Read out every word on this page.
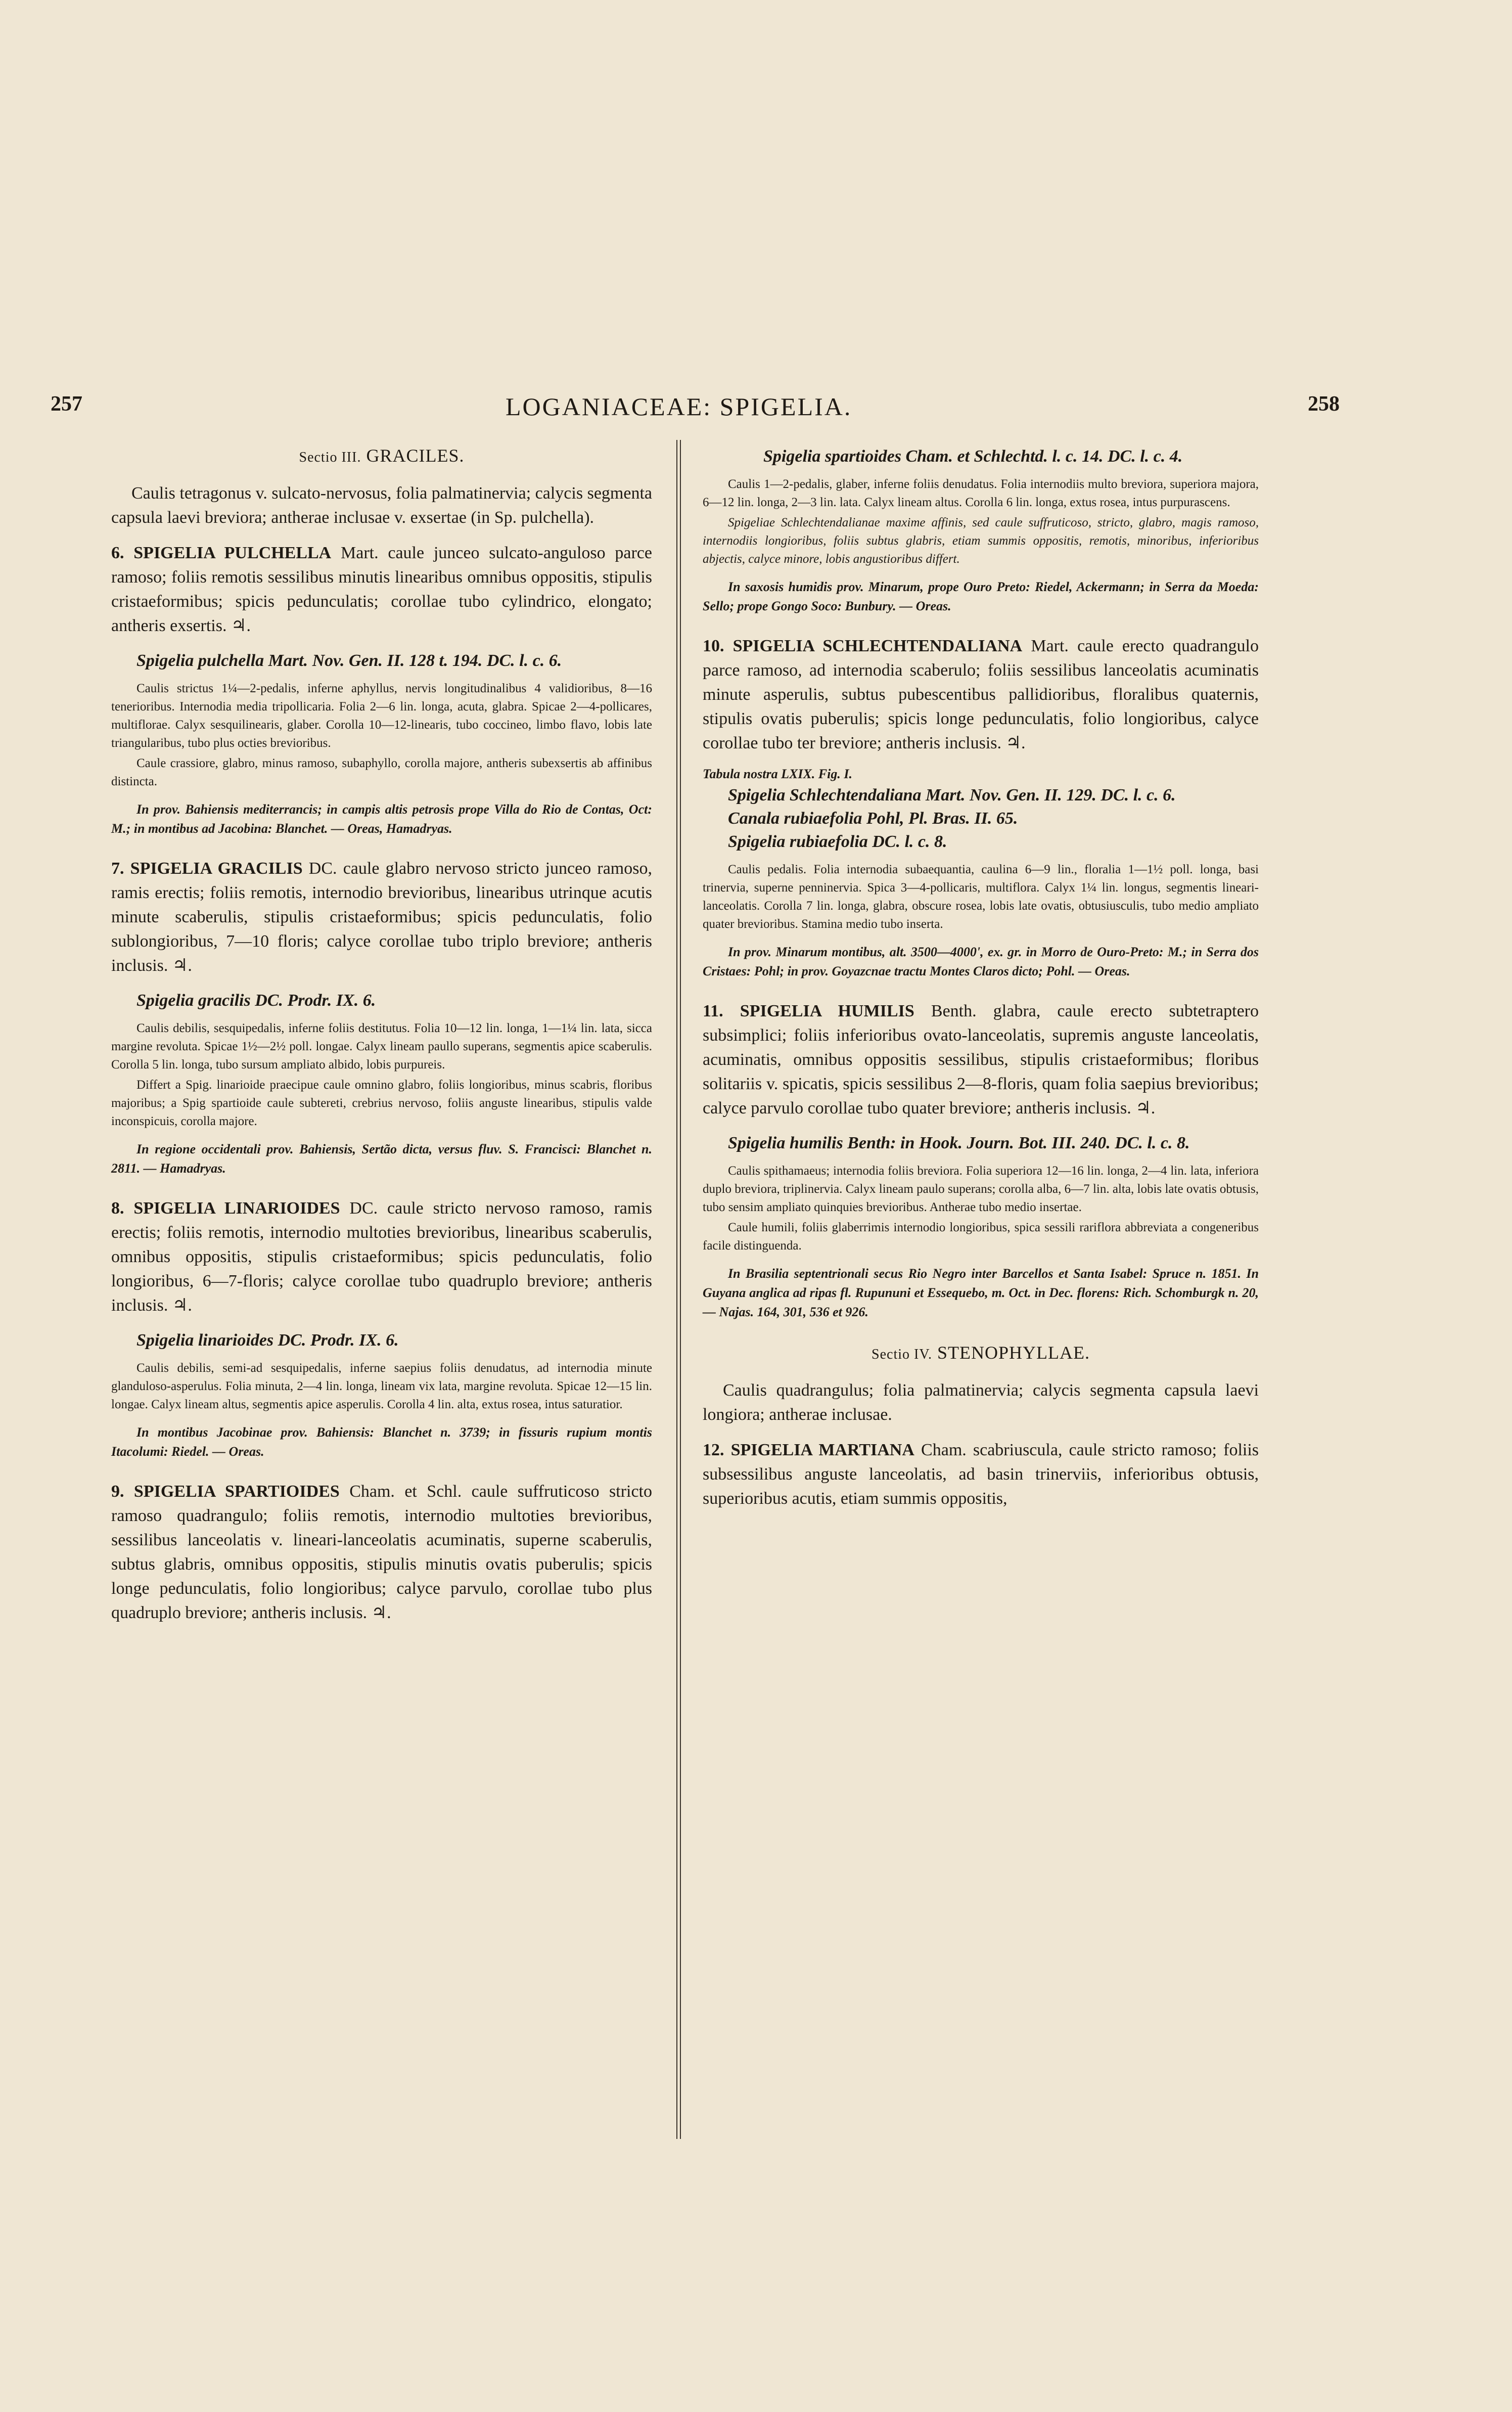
257	LOGANIACEAE: SPIGELIA.	258

Sectio III. GRACILES.

Caulis tetragonus v. sulcato-nervosus, folia palmatinervia; calycis segmenta capsula laevi breviora; antherae inclusae v. exsertae (in Sp. pulchella).

6. SPIGELIA PULCHELLA Mart. caule junceo sulcato-anguloso parce ramoso; foliis remotis sessilibus minutis linearibus omnibus oppositis, stipulis cristaeformibus; spicis pedunculatis; corollae tubo cylindrico, elongato; antheris exsertis. ♃.

Spigelia pulchella Mart. Nov. Gen. II. 128 t. 194. DC. l. c. 6.

Caulis strictus 1¼—2-pedalis, inferne aphyllus, nervis longitudinalibus 4 validioribus, 8—16 tenerioribus. Internodia media tripollicaria. Folia 2—6 lin. longa, acuta, glabra. Spicae 2—4-pollicares, multiflorae. Calyx sesquilinearis, glaber. Corolla 10—12-linearis, tubo coccineo, limbo flavo, lobis late triangularibus, tubo plus octies brevioribus.

Caule crassiore, glabro, minus ramoso, subaphyllo, corolla majore, antheris subexsertis ab affinibus distincta.

In prov. Bahiensis mediterrancis; in campis altis petrosis prope Villa do Rio de Contas, Oct: M.; in montibus ad Jacobina: Blanchet. — Oreas, Hamadryas.

7. SPIGELIA GRACILIS DC. caule glabro nervoso stricto junceo ramoso, ramis erectis; foliis remotis, internodio brevioribus, linearibus utrinque acutis minute scaberulis, stipulis cristaeformibus; spicis pedunculatis, folio sublongioribus, 7—10 floris; calyce corollae tubo triplo breviore; antheris inclusis. ♃.

Spigelia gracilis DC. Prodr. IX. 6.

Caulis debilis, sesquipedalis, inferne foliis destitutus. Folia 10—12 lin. longa, 1—1¼ lin. lata, sicca margine revoluta. Spicae 1½—2½ poll. longae. Calyx lineam paullo superans, segmentis apice scaberulis. Corolla 5 lin. longa, tubo sursum ampliato albido, lobis purpureis.

Differt a Spig. linarioide praecipue caule omnino glabro, foliis longioribus, minus scabris, floribus majoribus; a Spig spartioide caule subtereti, crebrius nervoso, foliis anguste linearibus, stipulis valde inconspicuis, corolla majore.

In regione occidentali prov. Bahiensis, Sertão dicta, versus fluv. S. Francisci: Blanchet n. 2811. — Hamadryas.

8. SPIGELIA LINARIOIDES DC. caule stricto nervoso ramoso, ramis erectis; foliis remotis, internodio multoties brevioribus, linearibus scaberulis, omnibus oppositis, stipulis cristaeformibus; spicis pedunculatis, folio longioribus, 6—7-floris; calyce corollae tubo quadruplo breviore; antheris inclusis. ♃.

Spigelia linarioides DC. Prodr. IX. 6.

Caulis debilis, semi-ad sesquipedalis, inferne saepius foliis denudatus, ad internodia minute glanduloso-asperulus. Folia minuta, 2—4 lin. longa, lineam vix lata, margine revoluta. Spicae 12—15 lin. longae. Calyx lineam altus, segmentis apice asperulis. Corolla 4 lin. alta, extus rosea, intus saturatior.

In montibus Jacobinae prov. Bahiensis: Blanchet n. 3739; in fissuris rupium montis Itacolumi: Riedel. — Oreas.

9. SPIGELIA SPARTIOIDES Cham. et Schl. caule suffruticoso stricto ramoso quadrangulo; foliis remotis, internodio multoties brevioribus, sessilibus lanceolatis v. lineari-lanceolatis acuminatis, superne scaberulis, subtus glabris, omnibus oppositis, stipulis minutis ovatis puberulis; spicis longe pedunculatis, folio longioribus; calyce parvulo, corollae tubo plus quadruplo breviore; antheris inclusis. ♃.

Spigelia spartioides Cham. et Schlechtd. l. c. 14. DC. l. c. 4.

Caulis 1—2-pedalis, glaber, inferne foliis denudatus. Folia internodiis multo breviora, superiora majora, 6—12 lin. longa, 2—3 lin. lata. Calyx lineam altus. Corolla 6 lin. longa, extus rosea, intus purpurascens.

Spigeliae Schlechtendalianae maxime affinis, sed caule suffruticoso, stricto, glabro, magis ramoso, internodiis longioribus, foliis subtus glabris, etiam summis oppositis, remotis, minoribus, inferioribus abjectis, calyce minore, lobis angustioribus differt.

In saxosis humidis prov. Minarum, prope Ouro Preto: Riedel, Ackermann; in Serra da Moeda: Sello; prope Gongo Soco: Bunbury. — Oreas.

10. SPIGELIA SCHLECHTENDALIANA Mart. caule erecto quadrangulo parce ramoso, ad internodia scaberulo; foliis sessilibus lanceolatis acuminatis minute asperulis, subtus pubescentibus pallidioribus, floralibus quaternis, stipulis ovatis puberulis; spicis longe pedunculatis, folio longioribus, calyce corollae tubo ter breviore; antheris inclusis. ♃.

Tabula nostra LXIX. Fig. I.

Spigelia Schlechtendaliana Mart. Nov. Gen. II. 129. DC. l. c. 6.

Canala rubiaefolia Pohl, Pl. Bras. II. 65.

Spigelia rubiaefolia DC. l. c. 8.

Caulis pedalis. Folia internodia subaequantia, caulina 6—9 lin., floralia 1—1½ poll. longa, basi trinervia, superne penninervia. Spica 3—4-pollicaris, multiflora. Calyx 1¼ lin. longus, segmentis lineari-lanceolatis. Corolla 7 lin. longa, glabra, obscure rosea, lobis late ovatis, obtusiusculis, tubo medio ampliato quater brevioribus. Stamina medio tubo inserta.

In prov. Minarum montibus, alt. 3500—4000', ex. gr. in Morro de Ouro-Preto: M.; in Serra dos Cristaes: Pohl; in prov. Goyazcnae tractu Montes Claros dicto; Pohl. — Oreas.

11. SPIGELIA HUMILIS Benth. glabra, caule erecto subtetraptero subsimplici; foliis inferioribus ovato-lanceolatis, supremis anguste lanceolatis, acuminatis, omnibus oppositis sessilibus, stipulis cristaeformibus; floribus solitariis v. spicatis, spicis sessilibus 2—8-floris, quam folia saepius brevioribus; calyce parvulo corollae tubo quater breviore; antheris inclusis. ♃.

Spigelia humilis Benth: in Hook. Journ. Bot. III. 240. DC. l. c. 8.

Caulis spithamaeus; internodia foliis breviora. Folia superiora 12—16 lin. longa, 2—4 lin. lata, inferiora duplo breviora, triplinervia. Calyx lineam paulo superans; corolla alba, 6—7 lin. alta, lobis late ovatis obtusis, tubo sensim ampliato quinquies brevioribus. Antherae tubo medio insertae.

Caule humili, foliis glaberrimis internodio longioribus, spica sessili rariflora abbreviata a congeneribus facile distinguenda.

In Brasilia septentrionali secus Rio Negro inter Barcellos et Santa Isabel: Spruce n. 1851. In Guyana anglica ad ripas fl. Rupununi et Essequebo, m. Oct. in Dec. florens: Rich. Schomburgk n. 20, — Najas. 164, 301, 536 et 926.

Sectio IV. STENOPHYLLAE.

Caulis quadrangulus; folia palmatinervia; calycis segmenta capsula laevi longiora; antherae inclusae.

12. SPIGELIA MARTIANA Cham. scabriuscula, caule stricto ramoso; foliis subsessilibus anguste lanceolatis, ad basin trinerviis, inferioribus obtusis, superioribus acutis, etiam summis oppositis,
